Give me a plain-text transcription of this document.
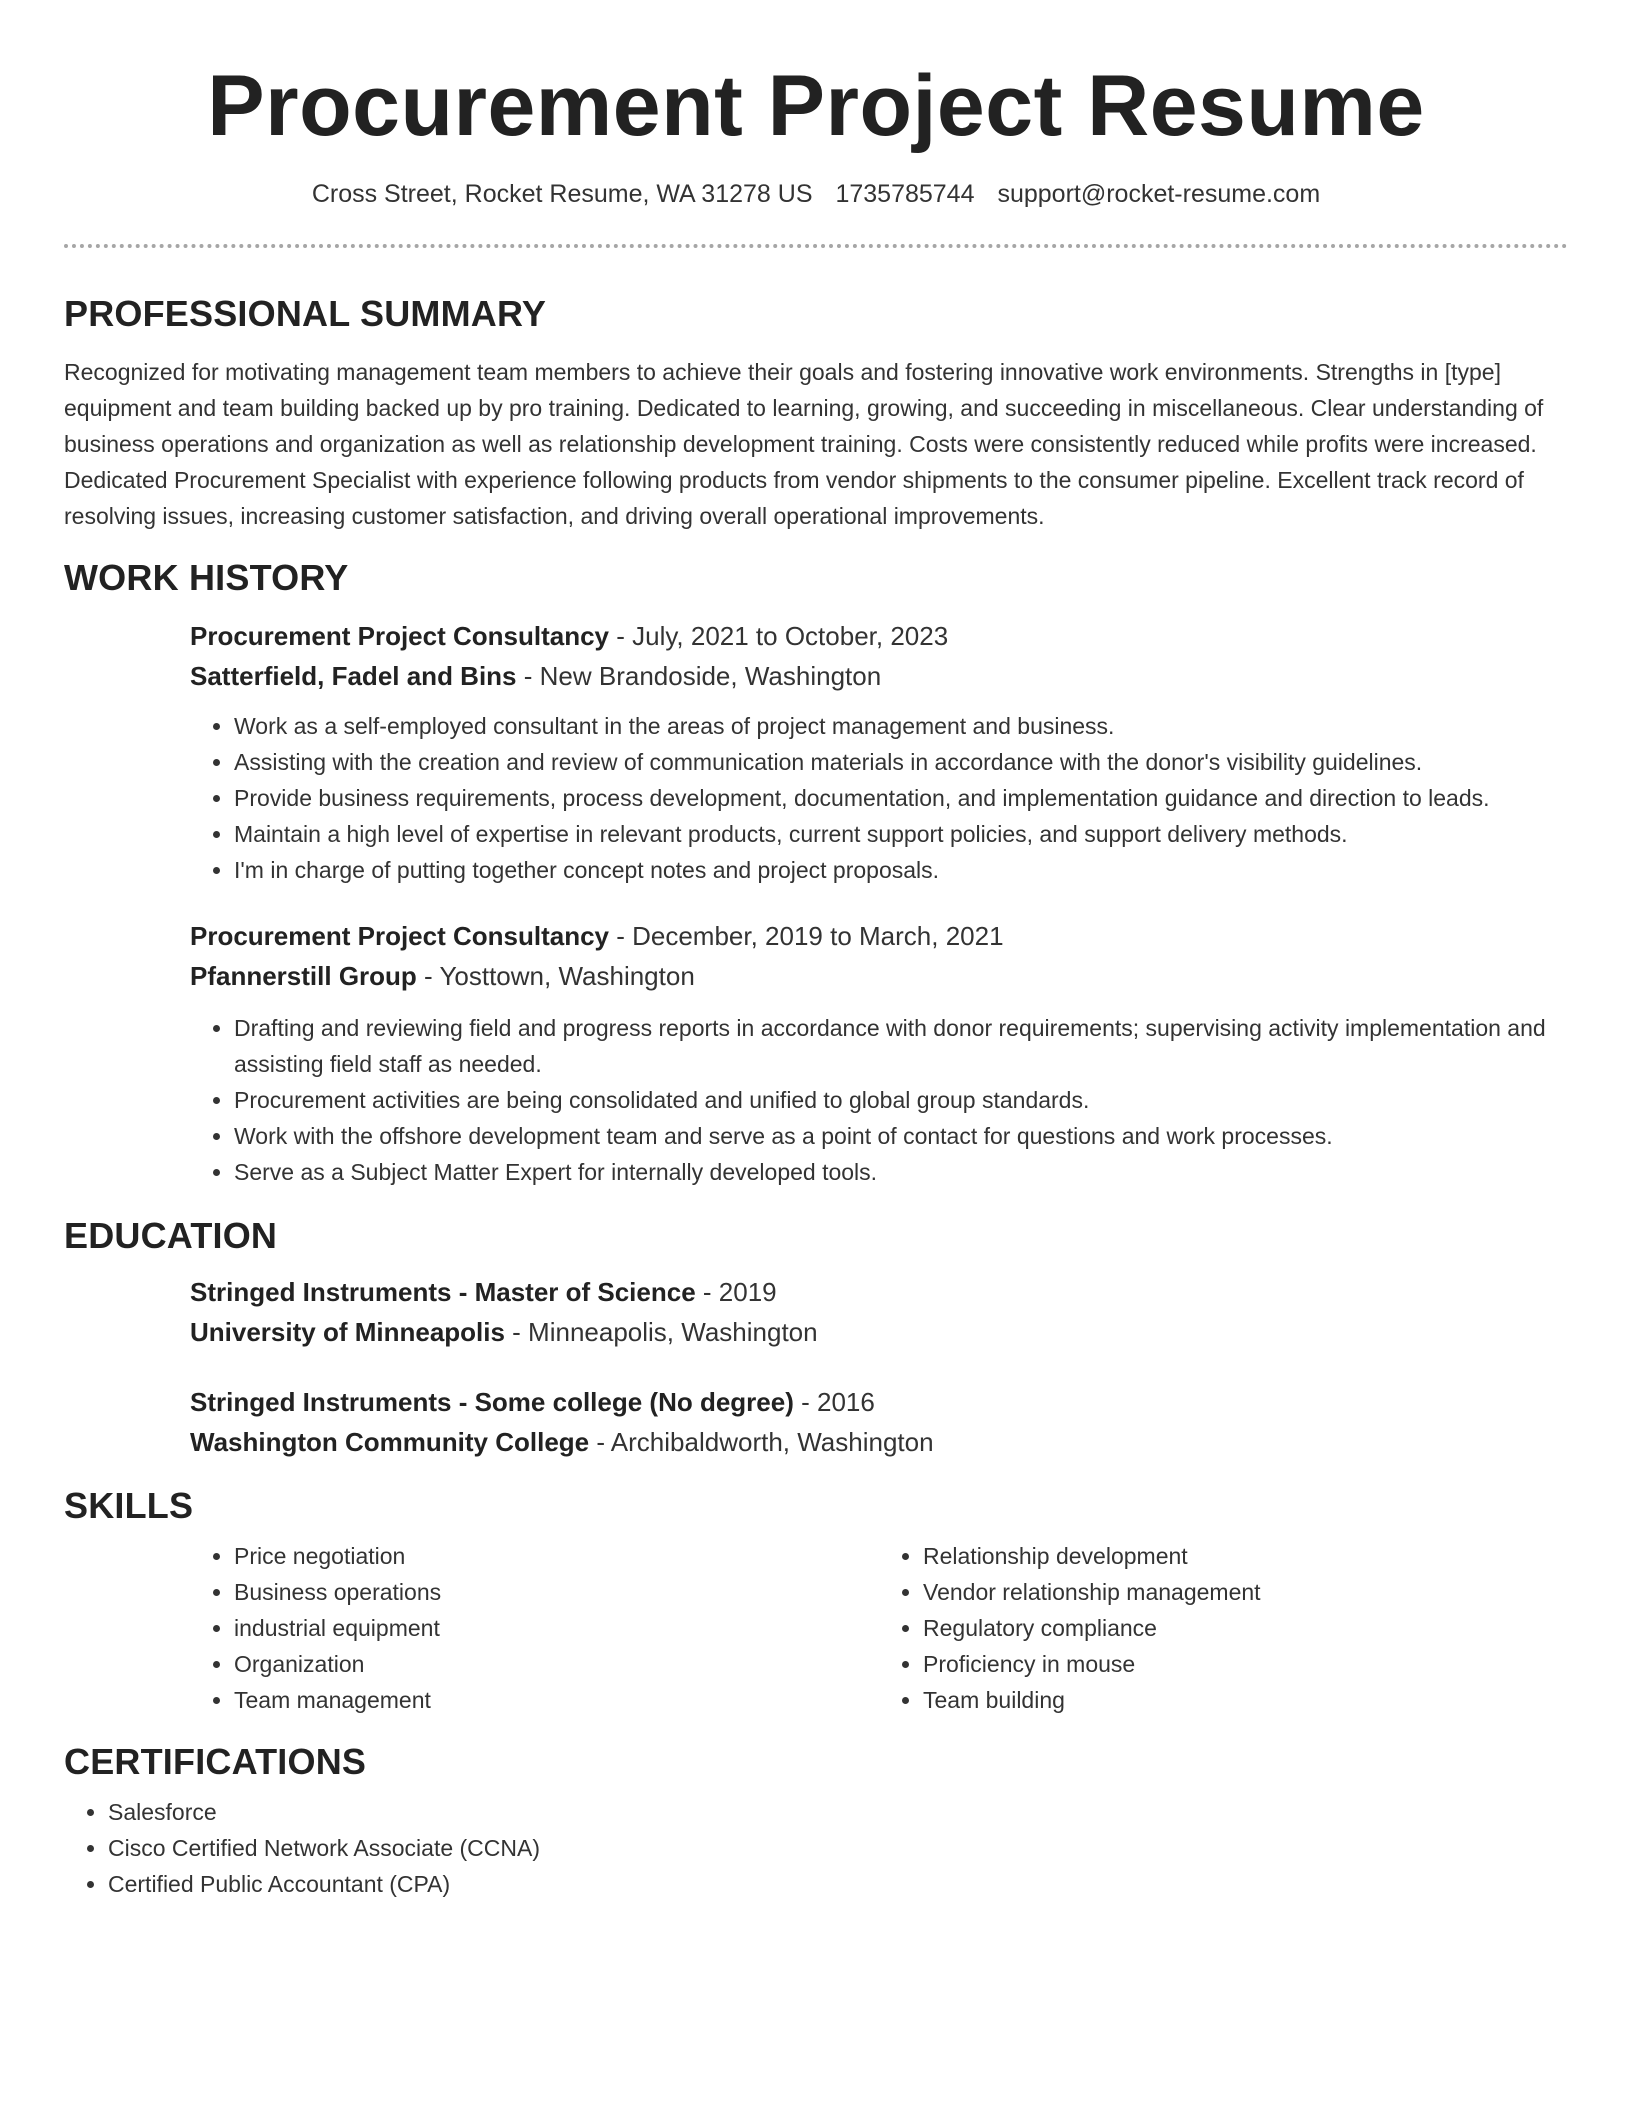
Procurement Project Resume
Cross Street, Rocket Resume, WA 31278 US 1735785744 support@rocket-resume.com
PROFESSIONAL SUMMARY

Recognized for motivating management team members to achieve their goals and fostering innovative work environments. Strengths in [type] equipment and team building backed up by pro training. Dedicated to learning, growing, and succeeding in miscellaneous. Clear understanding of business operations and organization as well as relationship development training. Costs were consistently reduced while profits were increased. Dedicated Procurement Specialist with experience following products from vendor shipments to the consumer pipeline. Excellent track record of resolving issues, increasing customer satisfaction, and driving overall operational improvements.

WORK HISTORY

Procurement Project Consultancy - July, 2021 to October, 2023

Satterfield, Fadel and Bins - New Brandoside, Washington

• Work as a self-employed consultant in the areas of project management and business.
• Assisting with the creation and review of communication materials in accordance with the donor's visibility guidelines.
• Provide business requirements, process development, documentation, and implementation guidance and direction to leads.
• Maintain a high level of expertise in relevant products, current support policies, and support delivery methods.
• I'm in charge of putting together concept notes and project proposals.

Procurement Project Consultancy - December, 2019 to March, 2021

Pfannerstill Group - Yosttown, Washington

• Drafting and reviewing field and progress reports in accordance with donor requirements; supervising activity implementation and assisting field staff as needed.
• Procurement activities are being consolidated and unified to global group standards.
• Work with the offshore development team and serve as a point of contact for questions and work processes.
• Serve as a Subject Matter Expert for internally developed tools.
EDUCATION

Stringed Instruments - Master of Science - 2019

University of Minneapolis - Minneapolis, Washington

Stringed Instruments - Some college (No degree) - 2016

Washington Community College - Archibaldworth, Washington

SKILLS
• Price negotiation
• Business operations
• industrial equipment
• Organization
• Team management
• Relationship development
• Vendor relationship management
• Regulatory compliance
• Proficiency in mouse
• Team building
CERTIFICATIONS
• Salesforce
• Cisco Certified Network Associate (CCNA)
• Certified Public Accountant (CPA)
